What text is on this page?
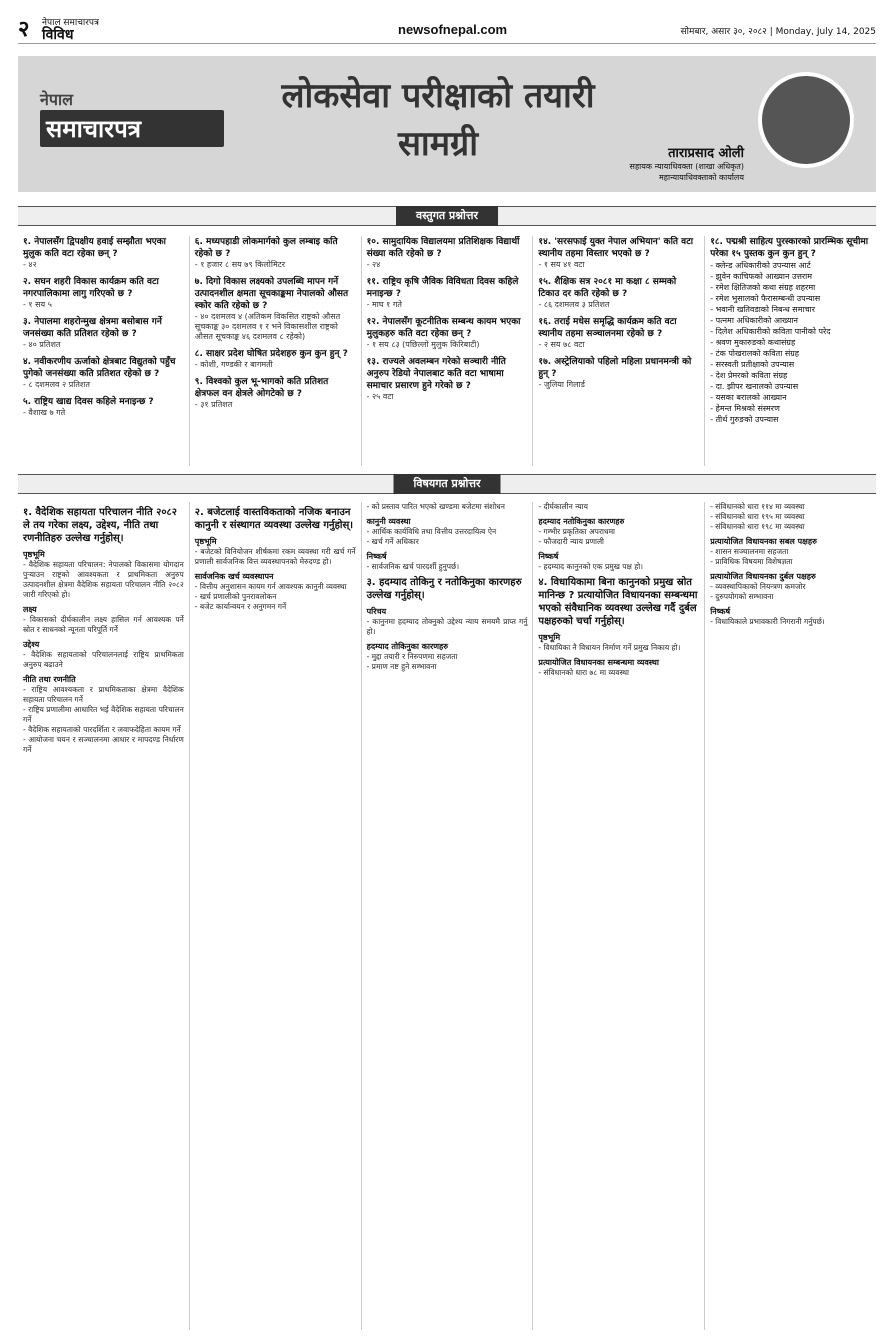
२ नेपाल समाचारपत्र
विविध	newsofnepal.com	सोमबार, असार ३०, २०८२ | Monday, July 14, 2025
नेपाल
समाचारपत्र
लोकसेवा परीक्षाको तयारी सामग्री	ताराप्रसाद ओली
सहायक न्यायाधिवक्ता (शाखा अधिकृत)
महान्यायाधिवक्ताको कार्यालय
वस्तुगत प्रश्नोत्तर
१. नेपालसँग द्विपक्षीय हवाई सम्झौता भएका मुलुक कति वटा रहेका छन् ?
- ४२
२. सघन शहरी विकास कार्यक्रम कति वटा नगरपालिकामा लागु गरिएको छ ?
- १ सय ५
३. नेपालमा शहरोन्मुख क्षेत्रमा बसोबास गर्ने जनसंख्या कति प्रतिशत रहेको छ ?
- ४० प्रतिशत
४. नवीकरणीय ऊर्जाको क्षेत्रबाट विद्युतको पहुँच पुगेको जनसंख्या कति प्रतिशत रहेको छ ?
- ८ दशमलव २ प्रतिशत
५. राष्ट्रिय खाद्य दिवस कहिले मनाइन्छ ?
- वैशाख ७ गते
६. मध्यपहाडी लोकमार्गको कुल लम्बाइ कति रहेको छ ?
- १ हजार ८ सय ७९ किलोमिटर
७. दिगो विकास लक्ष्यको उपलब्धि मापन गर्ने उत्पादनशील क्षमता सूचकाङ्कमा नेपालको औसत स्कोर कति रहेको छ ?
- ४० दशमलव ४ (अतिकम विकसित राष्ट्रको औसत सूचकाङ्क ३० दशमलव १ र भने विकासशील राष्ट्रको औसत सूचकाङ्क ४६ दशमलव ८ रहेको)
८. साक्षर प्रदेश घोषित प्रदेशहरु कुन कुन हुन् ?
- कोशी, गण्डकी र बागमती
९. विश्वको कुल भू-भागको कति प्रतिशत क्षेत्रफल वन क्षेत्रले ओगटेको छ ?
- ३१ प्रतिशत
१०. सामुदायिक विद्यालयमा प्रतिशिक्षक विद्यार्थी संख्या कति रहेको छ ?
- २४
११. राष्ट्रिय कृषि जैविक विविधता दिवस कहिले मनाइन्छ ?
- माघ १ गते
१२. नेपालसँग कूटनीतिक सम्बन्ध कायम भएका मुलुकहरु कति वटा रहेका छन् ?
- १ सय ८३ (पछिल्लो मुलुक किरिबाटी)
१३. राज्यले अवलम्बन गरेको सञ्चारी नीति अनुरुप रेडियो नेपालबाट कति वटा भाषामा समाचार प्रसारण हुने गरेको छ ?
- २५ वटा
१४. 'सरसफाई युक्त नेपाल अभियान' कति वटा स्थानीय तहमा विस्तार भएको छ ?
- १ सय ४१ वटा
१५. शैक्षिक सत्र २०८१ मा कक्षा ८ सम्मको टिकाउ दर कति रहेको छ ?
- ८६ दशमलव ३ प्रतिशत
१६. तराई मधेस समृद्धि कार्यक्रम कति वटा स्थानीय तहमा सञ्चालनमा रहेको छ ?
- २ सय ७८ वटा
१७. अस्ट्रेलियाको पहिलो महिला प्रधानमन्त्री को हुन् ?
- जुलिया गिलार्ड
१८. पद्मश्री साहित्य पुरस्कारको प्रारम्भिक सूचीमा परेका १५ पुस्तक कुन कुन हुन् ?
- क्लेन्ड अधिकारीको उपन्यास आर्ट
- झुवेन काचिफको आख्यान उत्तराम
- रमेश क्षितिजको कथा संग्रह शहरमा
- रमेश भुसालको फैरासम्बन्धी उपन्यास
- भवानी खतिवडाको निबन्ध समाचार
- पत्नमा अधिकारीको आख्यान
- दिलेश अधिकारीको कविता पानीको परेद
- श्रवण मुकारुङको कथासंग्रह
- टंक पोखरालको कविता संग्रह
- सरस्वती प्रतीक्षाको उपन्यास
- देश प्रेमरको कविता संग्रह
- दा. झीपर खनालको उपन्यास
- यसका बरालको आख्यान
- हेमन्त मिश्रको संस्मरण
- तीर्थ गुरुङको उपन्यास
विषयगत प्रश्नोत्तर
१. वैदेशिक सहायता परिचालन नीति २०८२ ले तय गरेका लक्ष्य, उद्देश्य, नीति तथा रणनीतिहरु उल्लेख गर्नुहोस्।
पृष्ठभूमि
- वैदेशिक सहायता परिचालन: नेपालको विकासमा योगदान पुर्‍याउन राष्ट्रको आवश्यकता र प्राथमिकता अनुरुप उत्पादनशील क्षेत्रमा वैदेशिक सहायता परिचालन नीति २०८२ जारी गरिएको हो।
लक्ष्य
- विकासको दीर्घकालीन लक्ष्य हासिल गर्न आवश्यक पर्ने स्रोत र साधनको न्यूनता परिपूर्ति गर्ने
उद्देश्य
- वैदेशिक सहायताको परिचालनलाई राष्ट्रिय प्राथमिकता अनुरुप बढाउने
नीति तथा रणनीति
- राष्ट्रिय आवश्यकता र प्राथमिकताका क्षेत्रमा वैदेशिक सहायता परिचालन गर्ने
- राष्ट्रिय प्रणालीमा आधारित भई वैदेशिक सहायता परिचालन गर्ने
- वैदेशिक सहायताको पारदर्शिता र जवाफदेहिता कायम गर्ने
- आयोजना चयन र सञ्चालनमा आधार र मापदण्ड निर्धारण गर्ने
२. बजेटलाई वास्तविकताको नजिक बनाउन कानुनी र संस्थागत व्यवस्था उल्लेख गर्नुहोस्।
पृष्ठभूमि
- बजेटको विनियोजन शीर्षकमा रकम व्यवस्था गरी खर्च गर्ने प्रणाली सार्वजनिक वित्त व्यवस्थापनको मेरुदण्ड हो।
सार्वजनिक खर्च व्यवस्थापन
- वित्तीय अनुशासन कायम गर्न आवश्यक कानुनी व्यवस्था
- खर्च प्रणालीको पुनरावलोकन
- बजेट कार्यान्वयन र अनुगमन गर्ने
- को प्रस्ताव पारित भएको खण्डमा बजेटमा संशोधन
कानुनी व्यवस्था
- आर्थिक कार्यविधि तथा वित्तीय उत्तरदायित्व ऐन
- खर्च गर्ने अधिकार
निष्कर्ष
- सार्वजनिक खर्च पारदर्शी हुनुपर्छ।
३. हदम्याद तोकिनु र नतोकिनुका कारणहरु उल्लेख गर्नुहोस्।
परिचय
- कानुनमा हदम्याद तोक्नुको उद्देश्य न्याय समयमै प्राप्त गर्नु हो।
हदम्याद तोकिनुका कारणहरु
- मुद्दा तयारी र निरुपणमा सहजता
- प्रमाण नष्ट हुने सम्भावना
- दीर्घकालीन न्याय
हदम्याद नतोकिनुका कारणहरु
- गम्भीर प्रकृतिका अपराधमा
- फौजदारी न्याय प्रणाली
निष्कर्ष
- हदम्याद कानुनको एक प्रमुख पक्ष हो।
४. विधायिकामा बिना कानुनको प्रमुख स्रोत मानिन्छ ? प्रत्यायोजित विधायनका सम्बन्धमा भएको संवैधानिक व्यवस्था उल्लेख गर्दै दुर्बल पक्षहरुको चर्चा गर्नुहोस्।
पृष्ठभूमि
- विधायिका नै विधायन निर्माण गर्ने प्रमुख निकाय हो।
प्रत्यायोजित विधायनका सम्बन्धमा व्यवस्था
- संविधानको धारा ७८ मा व्यवस्था
- संविधानको धारा ११४ मा व्यवस्था
- संविधानको धारा १९५ मा व्यवस्था
- संविधानको धारा १९८ मा व्यवस्था
प्रत्यायोजित विधायनका सबल पक्षहरु
- शासन सञ्चालनमा सहजता
- प्राविधिक विषयमा विशेषज्ञता
प्रत्यायोजित विधायनका दुर्बल पक्षहरु
- व्यवस्थापिकाको नियन्त्रण कमजोर
- दुरुपयोगको सम्भावना
निष्कर्ष
- विधायिकाले प्रभावकारी निगरानी गर्नुपर्छ।
